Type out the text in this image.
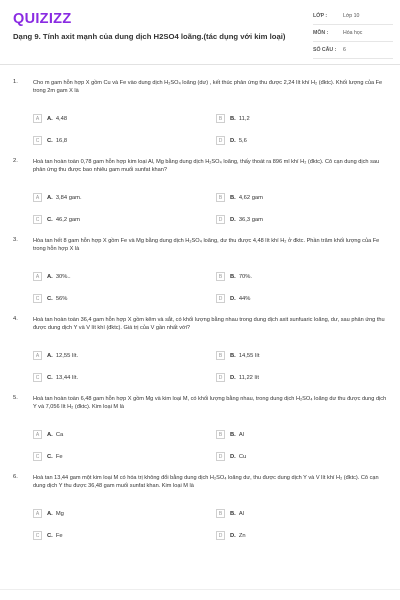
QUIZIZZ
Dạng 9. Tính axit mạnh của dung dịch H2SO4 loãng.(tác dụng với kim loại)
LỚP :	Lớp 10
MÔN :	Hóa học
SỐ CÂU :	6
1.	Cho m gam hỗn hợp X gồm Cu và Fe vào dung dịch H₂SO₄ loãng (dư) , kết thúc phản ứng thu được 2,24 lít khí H₂ (đktc). Khối lượng của Fe trong 2m gam X là
A	A. 4,48	B	B. 11,2
C	C. 16,8	D	D. 5,6
2.	Hoà tan hoàn toàn 0,78 gam hỗn hợp kim loại Al, Mg bằng dung dịch H₂SO₄ loãng, thấy thoát ra 896 ml khí H₂ (đktc). Cô cạn dung dịch sau phản ứng thu được bao nhiêu gam muối sunfat khan?
A	A. 3,84 gam.	B	B. 4,62 gam
C	C. 46,2 gam	D	D. 36,3 gam
3.	Hòa tan hết 8 gam hỗn hợp X gồm Fe và Mg bằng dung dịch H₂SO₄ loãng, dư thu được 4,48 lít khí H₂ ở đktc. Phần trăm khối lượng của Fe trong hỗn hợp X là
A	A. 30%..	B	B. 70%.
C	C. 56%	D	D. 44%
4.	Hoà tan hoàn toàn 36,4 gam hỗn hợp X gồm kẽm và sắt, có khối lượng bằng nhau trong dung dịch axit sunfuaric loãng, dư, sau phản ứng thu được dung dịch Y và V lít khí (đktc). Giá trị của V gần nhất với?
A	A. 12,55 lít.	B	B. 14,55 lít
C	C. 13,44 lít.	D	D. 11,22 lít
5.	Hoà tan hoàn toàn 6,48 gam hỗn hợp X gồm Mg và kim loại M, có khối lượng bằng nhau, trong dung dịch H₂SO₄ loãng dư thu được dung dịch Y và 7,056 lít H₂ (đktc). Kim loại M là
A	A. Ca	B	B. Al
C	C. Fe	D	D. Cu
6.	Hoà tan 13,44 gam một kim loại M có hóa trị không đổi bằng dung dịch H₂SO₄ loãng dư, thu được dung dịch Y và V lít khí H₂ (đktc). Cô cạn dung dịch Y thu được 36,48 gam muối sunfat khan. Kim loại M là
A	A. Mg	B	B. Al
C	C. Fe	D	D. Zn
